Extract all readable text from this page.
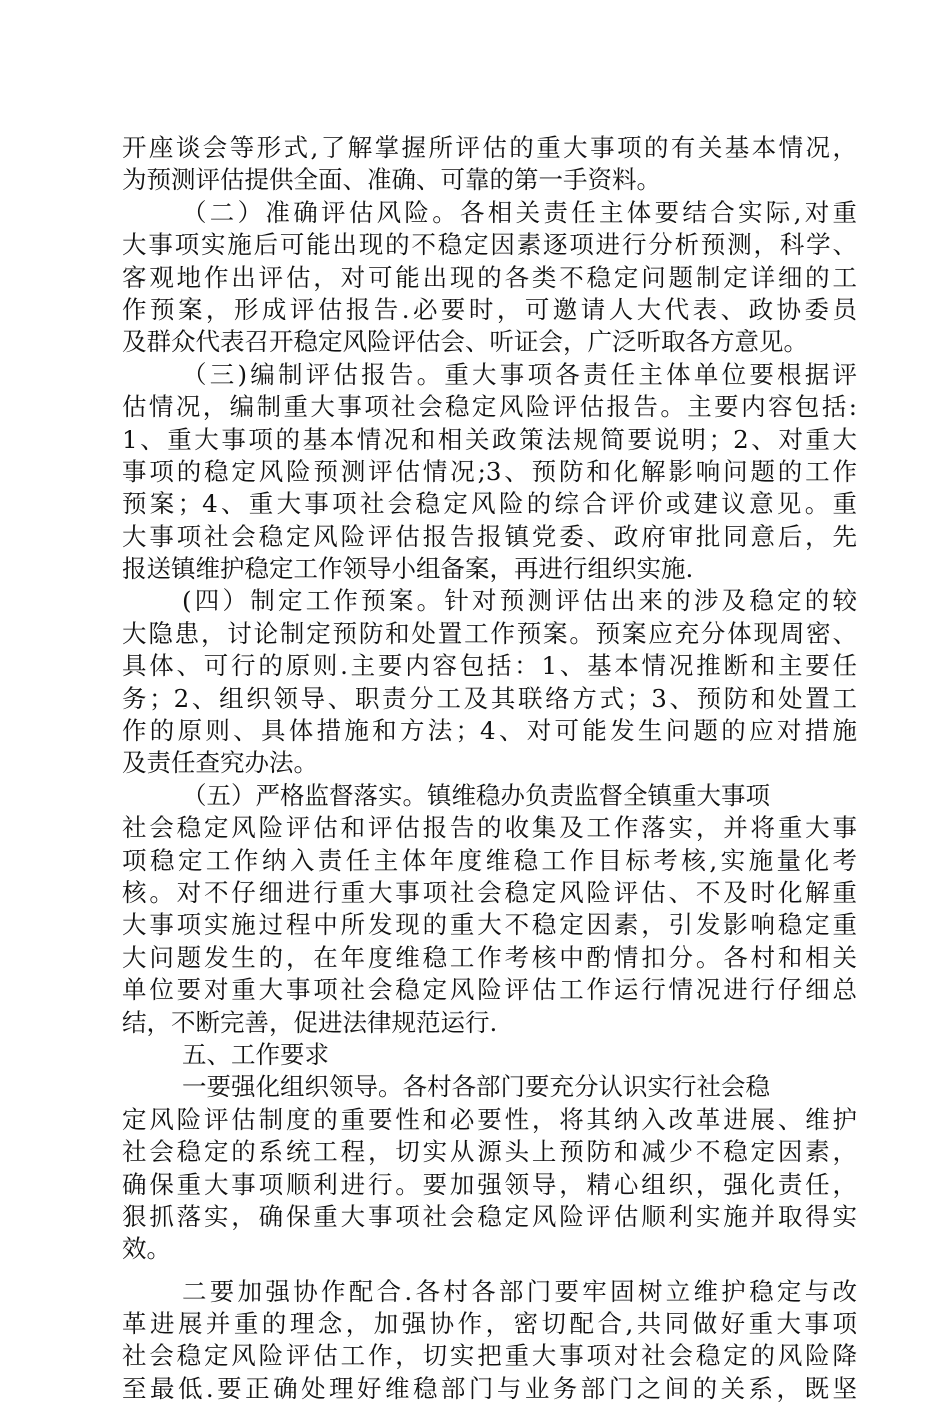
开座谈会等形式,了解掌握所评估的重大事项的有关基本情况，
为预测评估提供全面、准确、可靠的第一手资料。
（二）准确评估风险。各相关责任主体要结合实际,对重
大事项实施后可能出现的不稳定因素逐项进行分析预测，科学、
客观地作出评估，对可能出现的各类不稳定问题制定详细的工
作预案，形成评估报告.必要时，可邀请人大代表、政协委员
及群众代表召开稳定风险评估会、听证会，广泛听取各方意见。
（三)编制评估报告。重大事项各责任主体单位要根据评
估情况，编制重大事项社会稳定风险评估报告。主要内容包括:
1、重大事项的基本情况和相关政策法规简要说明；2、对重大
事项的稳定风险预测评估情况;3、预防和化解影响问题的工作
预案；4、重大事项社会稳定风险的综合评价或建议意见。重
大事项社会稳定风险评估报告报镇党委、政府审批同意后，先
报送镇维护稳定工作领导小组备案，再进行组织实施.
(四）制定工作预案。针对预测评估出来的涉及稳定的较
大隐患，讨论制定预防和处置工作预案。预案应充分体现周密、
具体、可行的原则.主要内容包括：1、基本情况推断和主要任
务；2、组织领导、职责分工及其联络方式；3、预防和处置工
作的原则、具体措施和方法；4、对可能发生问题的应对措施
及责任查究办法。
（五）严格监督落实。镇维稳办负责监督全镇重大事项
社会稳定风险评估和评估报告的收集及工作落实，并将重大事
项稳定工作纳入责任主体年度维稳工作目标考核,实施量化考
核。对不仔细进行重大事项社会稳定风险评估、不及时化解重
大事项实施过程中所发现的重大不稳定因素，引发影响稳定重
大问题发生的，在年度维稳工作考核中酌情扣分。各村和相关
单位要对重大事项社会稳定风险评估工作运行情况进行仔细总
结，不断完善，促进法律规范运行.
五、工作要求
一要强化组织领导。各村各部门要充分认识实行社会稳
定风险评估制度的重要性和必要性，将其纳入改革进展、维护
社会稳定的系统工程，切实从源头上预防和减少不稳定因素，
确保重大事项顺利进行。要加强领导，精心组织，强化责任，
狠抓落实，确保重大事项社会稳定风险评估顺利实施并取得实
效。
二要加强协作配合.各村各部门要牢固树立维护稳定与改
革进展并重的理念，加强协作，密切配合,共同做好重大事项
社会稳定风险评估工作，切实把重大事项对社会稳定的风险降
至最低.要正确处理好维稳部门与业务部门之间的关系，既坚
